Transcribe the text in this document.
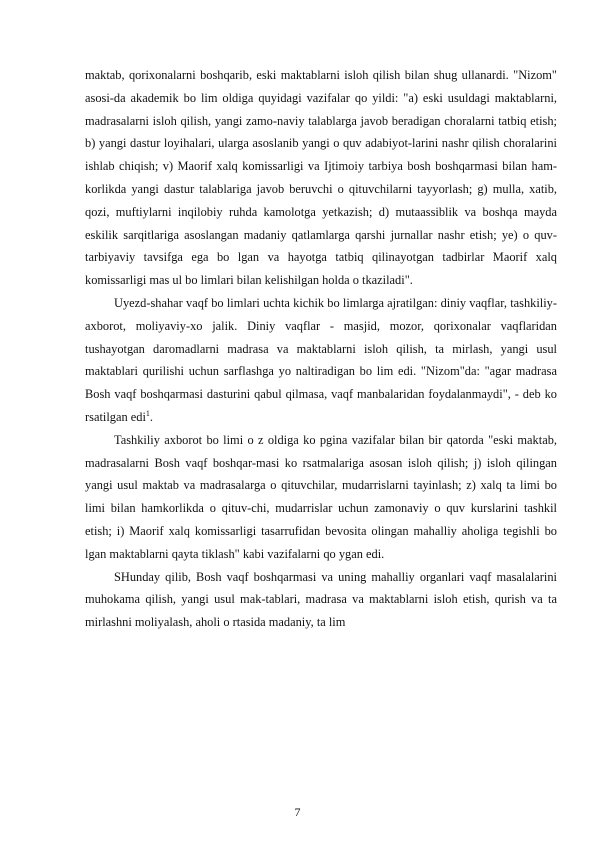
maktab, qorixonalarni boshqarib, eski maktablarni isloh qilish bilan shug ullanardi. "Nizom" asosi-da akademik bo lim oldiga quyidagi vazifalar qo yildi: "a) eski usuldagi maktablarni, madrasalarni isloh qilish, yangi zamo-naviy talablarga javob beradigan choralarni tatbiq etish; b) yangi dastur loyihalari, ularga asoslanib yangi o quv adabiyot-larini nashr qilish choralarini ishlab chiqish; v) Maorif xalq komissarligi va Ijtimoiy tarbiya bosh boshqarmasi bilan ham-korlikda yangi dastur talablariga javob beruvchi o qituvchilarni tayyorlash; g) mulla, xatib, qozi, muftiylarni inqilobiy ruhda kamolotga yetkazish; d) mutaassiblik va boshqa mayda eskilik sarqitlariga asoslangan madaniy qatlamlarga qarshi jurnallar nashr etish; ye) o quv-tarbiyaviy tavsifga ega bo lgan va hayotga tatbiq qilinayotgan tadbirlar Maorif xalq komissarligi mas ul bo limlari bilan kelishilgan holda o tkaziladi".

Uyezd-shahar vaqf bo limlari uchta kichik bo limlarga ajratilgan: diniy vaqflar, tashkiliy-axborot, moliyaviy-xo jalik. Diniy vaqflar - masjid, mozor, qorixonalar vaqflaridan tushayotgan daromadlarni madrasa va maktablarni isloh qilish, ta mirlash, yangi usul maktablari qurilishi uchun sarflashga yo naltiradigan bo lim edi. "Nizom"da: "agar madrasa Bosh vaqf boshqarmasi dasturini qabul qilmasa, vaqf manbalaridan foydalanmaydi", - deb ko rsatilgan edi$^1$.

Tashkiliy axborot bo limi o z oldiga ko pgina vazifalar bilan bir qatorda "eski maktab, madrasalarni Bosh vaqf boshqar-masi ko rsatmalariga asosan isloh qilish; j) isloh qilingan yangi usul maktab va madrasalarga o qituvchilar, mudarrislarni tayinlash; z) xalq ta limi bo limi bilan hamkorlikda o qituv-chi, mudarrislar uchun zamonaviy o quv kurslarini tashkil etish; i) Maorif xalq komissarligi tasarrufidan bevosita olingan mahalliy aholiga tegishli bo lgan maktablarni qayta tiklash" kabi vazifalarni qo ygan edi.

SHunday qilib, Bosh vaqf boshqarmasi va uning mahalliy organlari vaqf masalalarini muhokama qilish, yangi usul mak-tablari, madrasa va maktablarni isloh etish, qurish va ta mirlashni moliyalash, aholi o rtasida madaniy, ta lim

7
